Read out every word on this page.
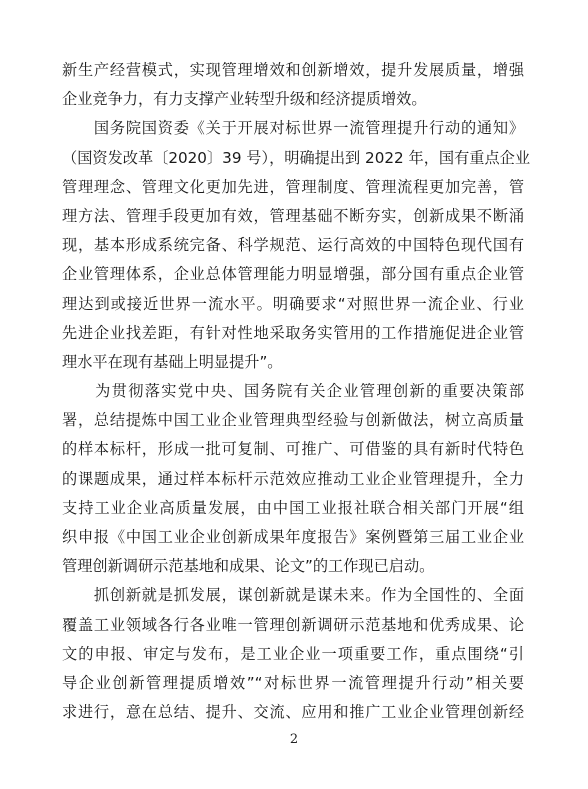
新生产经营模式，实现管理增效和创新增效，提升发展质量，增强
企业竞争力，有力支撑产业转型升级和经济提质增效。
　　国务院国资委《关于开展对标世界一流管理提升行动的通知》
（国资发改革〔2020〕39 号），明确提出到 2022 年，国有重点企业
管理理念、管理文化更加先进，管理制度、管理流程更加完善，管
理方法、管理手段更加有效，管理基础不断夯实，创新成果不断涌
现，基本形成系统完备、科学规范、运行高效的中国特色现代国有
企业管理体系，企业总体管理能力明显增强，部分国有重点企业管
理达到或接近世界一流水平。明确要求“对照世界一流企业、行业
先进企业找差距，有针对性地采取务实管用的工作措施促进企业管
理水平在现有基础上明显提升”。
　　为贯彻落实党中央、国务院有关企业管理创新的重要决策部
署，总结提炼中国工业企业管理典型经验与创新做法，树立高质量
的样本标杆，形成一批可复制、可推广、可借鉴的具有新时代特色
的课题成果，通过样本标杆示范效应推动工业企业管理提升，全力
支持工业企业高质量发展，由中国工业报社联合相关部门开展“组
织申报《中国工业企业创新成果年度报告》案例暨第三届工业企业
管理创新调研示范基地和成果、论文”的工作现已启动。
　　抓创新就是抓发展，谋创新就是谋未来。作为全国性的、全面
覆盖工业领域各行各业唯一管理创新调研示范基地和优秀成果、论
文的申报、审定与发布，是工业企业一项重要工作，重点围绕“引
导企业创新管理提质增效”“对标世界一流管理提升行动”相关要
求进行，意在总结、提升、交流、应用和推广工业企业管理创新经
2
